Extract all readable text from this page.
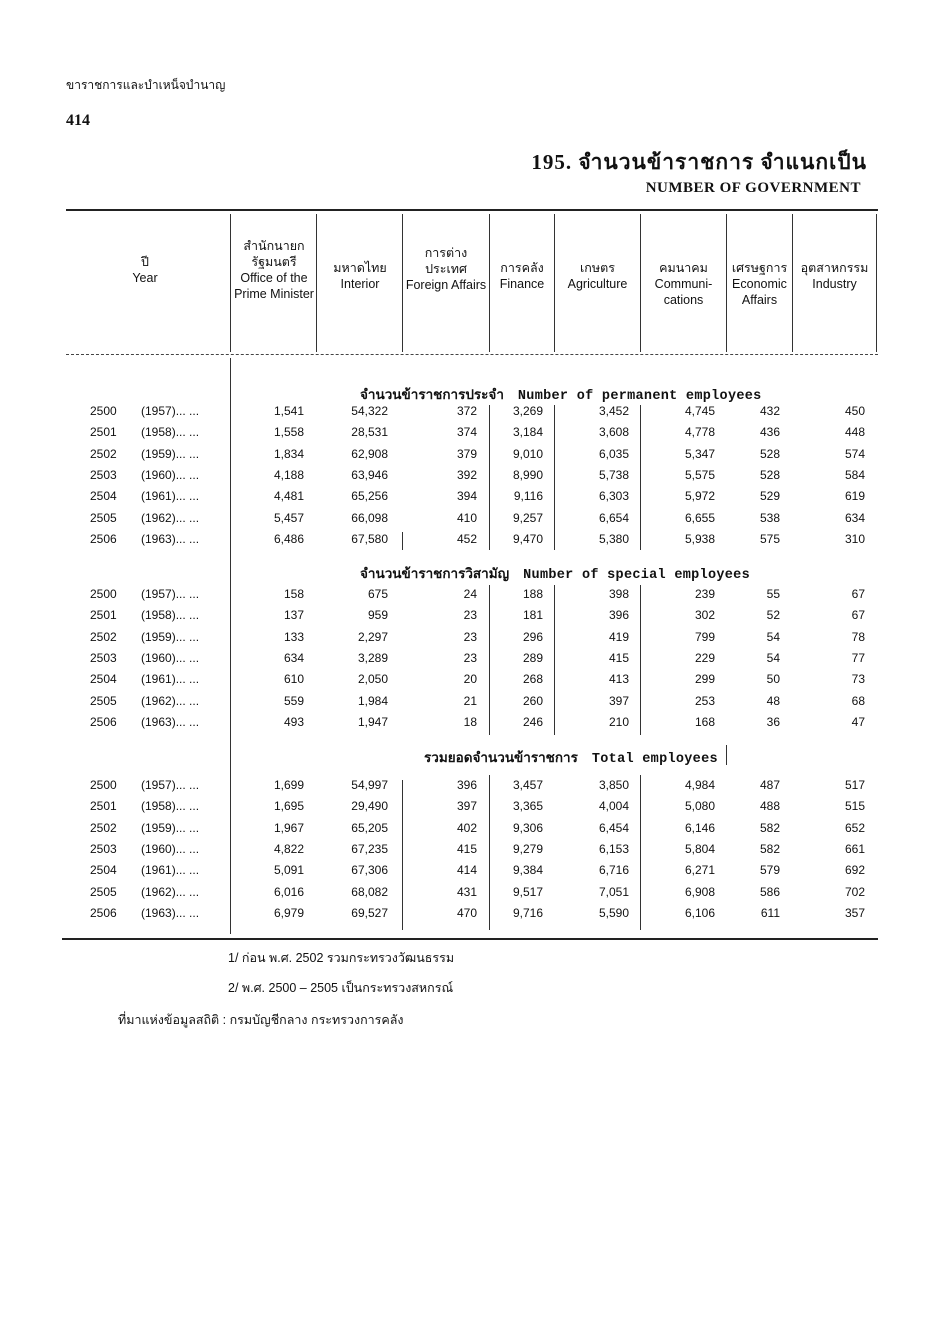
ขาราชการและบำเหน็จบำนาญ
414
195. จำนวนข้าราชการ จำแนกเป็น
NUMBER OF GOVERNMENT
ปี
Year
สำนักนายก รัฐมนตรี
Office of the Prime Minister
มหาดไทย
Interior
การต่าง ประเทศ
Foreign Affairs
การคลัง
Finance
เกษตร
Agriculture
คมนาคม
Communi- cations
เศรษฐการ
Economic Affairs
อุตสาหกรรม
Industry
จำนวนข้าราชการประจำ Number of permanent employees
จำนวนข้าราชการวิสามัญ Number of special employees
รวมยอดจำนวนข้าราชการ Total employees
2500	(1957)... ...	1,541	54,322	372	3,269	3,452	4,745	432	450
2501	(1958)... ...	1,558	28,531	374	3,184	3,608	4,778	436	448
2502	(1959)... ...	1,834	62,908	379	9,010	6,035	5,347	528	574
2503	(1960)... ...	4,188	63,946	392	8,990	5,738	5,575	528	584
2504	(1961)... ...	4,481	65,256	394	9,116	6,303	5,972	529	619
2505	(1962)... ...	5,457	66,098	410	9,257	6,654	6,655	538	634
2506	(1963)... ...	6,486	67,580	452	9,470	5,380	5,938	575	310
2500	(1957)... ...	158	675	24	188	398	239	55	67
2501	(1958)... ...	137	959	23	181	396	302	52	67
2502	(1959)... ...	133	2,297	23	296	419	799	54	78
2503	(1960)... ...	634	3,289	23	289	415	229	54	77
2504	(1961)... ...	610	2,050	20	268	413	299	50	73
2505	(1962)... ...	559	1,984	21	260	397	253	48	68
2506	(1963)... ...	493	1,947	18	246	210	168	36	47
2500	(1957)... ...	1,699	54,997	396	3,457	3,850	4,984	487	517
2501	(1958)... ...	1,695	29,490	397	3,365	4,004	5,080	488	515
2502	(1959)... ...	1,967	65,205	402	9,306	6,454	6,146	582	652
2503	(1960)... ...	4,822	67,235	415	9,279	6,153	5,804	582	661
2504	(1961)... ...	5,091	67,306	414	9,384	6,716	6,271	579	692
2505	(1962)... ...	6,016	68,082	431	9,517	7,051	6,908	586	702
2506	(1963)... ...	6,979	69,527	470	9,716	5,590	6,106	611	357
1/ ก่อน พ.ศ. 2502 รวมกระทรวงวัฒนธรรม
2/ พ.ศ. 2500 – 2505 เป็นกระทรวงสหกรณ์
ที่มาแห่งข้อมูลสถิติ : กรมบัญชีกลาง กระทรวงการคลัง
